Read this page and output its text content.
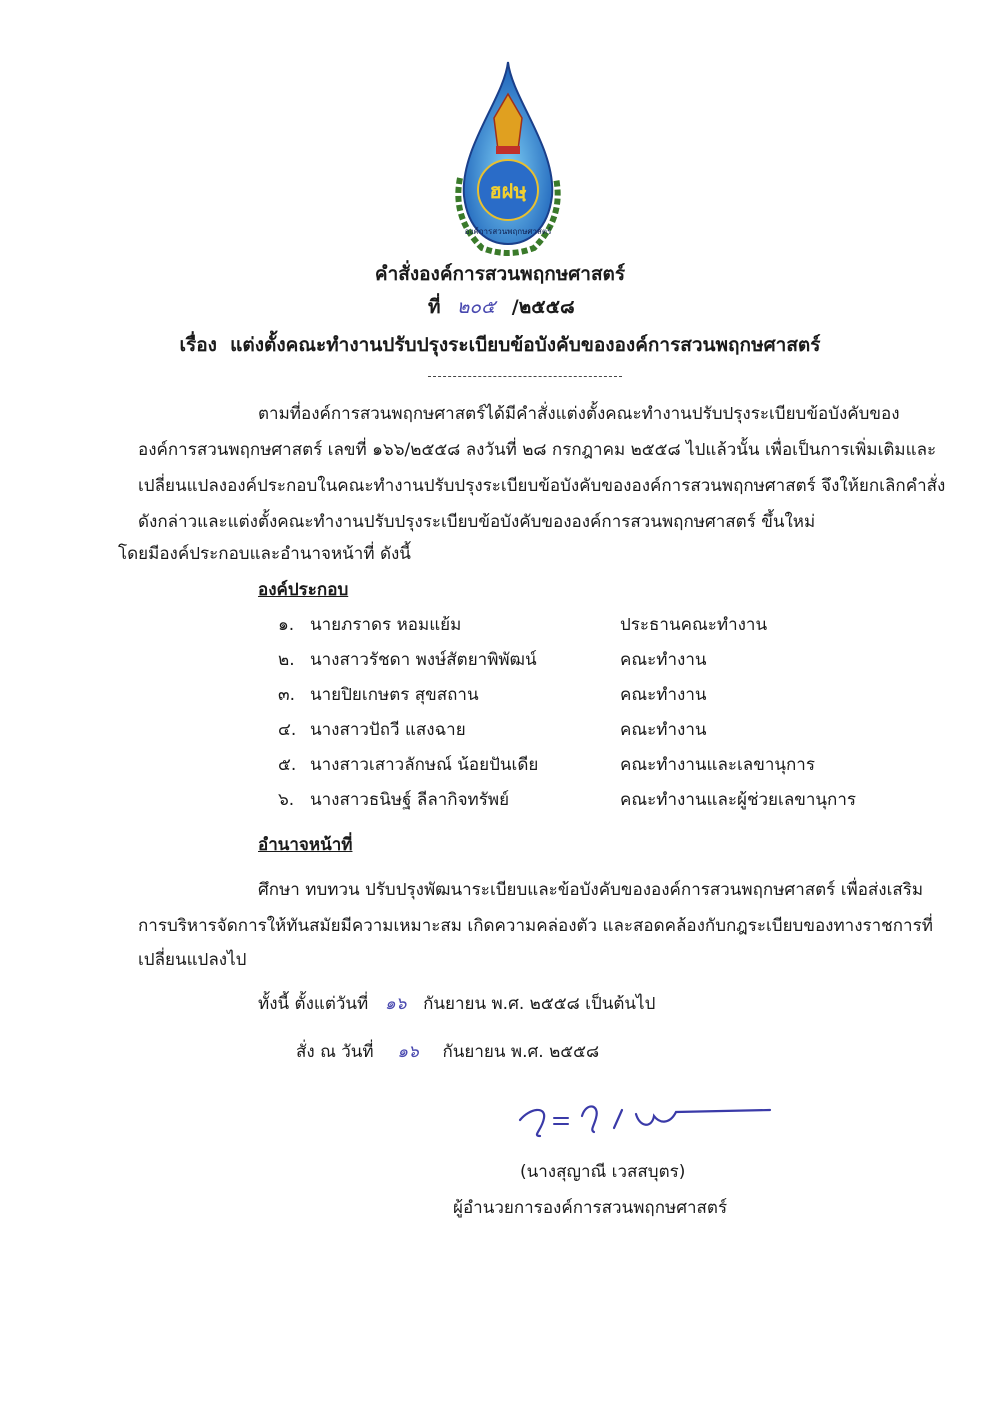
ฮฝษฺ
องค์การสวนพฤกษศาสตร์
คำสั่งองค์การสวนพฤกษศาสตร์
ที่ ๒๐๕ /๒๕๕๘
เรื่อง แต่งตั้งคณะทำงานปรับปรุงระเบียบข้อบังคับขององค์การสวนพฤกษศาสตร์
ตามที่องค์การสวนพฤกษศาสตร์ได้มีคำสั่งแต่งตั้งคณะทำงานปรับปรุงระเบียบข้อบังคับของ
องค์การสวนพฤกษศาสตร์ เลขที่ ๑๖๖/๒๕๕๘ ลงวันที่ ๒๘ กรกฎาคม ๒๕๕๘ ไปแล้วนั้น เพื่อเป็นการเพิ่มเติมและ
เปลี่ยนแปลงองค์ประกอบในคณะทำงานปรับปรุงระเบียบข้อบังคับขององค์การสวนพฤกษศาสตร์ จึงให้ยกเลิกคำสั่ง
ดังกล่าวและแต่งตั้งคณะทำงานปรับปรุงระเบียบข้อบังคับขององค์การสวนพฤกษศาสตร์ ขึ้นใหม่
โดยมีองค์ประกอบและอำนาจหน้าที่ ดังนี้
องค์ประกอบ
๑. นายภราดร หอมแย้ม	ประธานคณะทำงาน
๒. นางสาวรัชดา พงษ์สัตยาพิพัฒน์	คณะทำงาน
๓. นายปิยเกษตร สุขสถาน	คณะทำงาน
๔. นางสาวปัถวี แสงฉาย	คณะทำงาน
๕. นางสาวเสาวลักษณ์ น้อยปันเดีย	คณะทำงานและเลขานุการ
๖. นางสาวธนิษฐ์ ลีลากิจทรัพย์	คณะทำงานและผู้ช่วยเลขานุการ
อำนาจหน้าที่
ศึกษา ทบทวน ปรับปรุงพัฒนาระเบียบและข้อบังคับขององค์การสวนพฤกษศาสตร์ เพื่อส่งเสริม
การบริหารจัดการให้ทันสมัยมีความเหมาะสม เกิดความคล่องตัว และสอดคล้องกับกฎระเบียบของทางราชการที่
เปลี่ยนแปลงไป
ทั้งนี้ ตั้งแต่วันที่ ๑๖ กันยายน พ.ศ. ๒๕๕๘ เป็นต้นไป
สั่ง ณ วันที่ ๑๖ กันยายน พ.ศ. ๒๕๕๘
(นางสุญาณี เวสสบุตร)
ผู้อำนวยการองค์การสวนพฤกษศาสตร์
